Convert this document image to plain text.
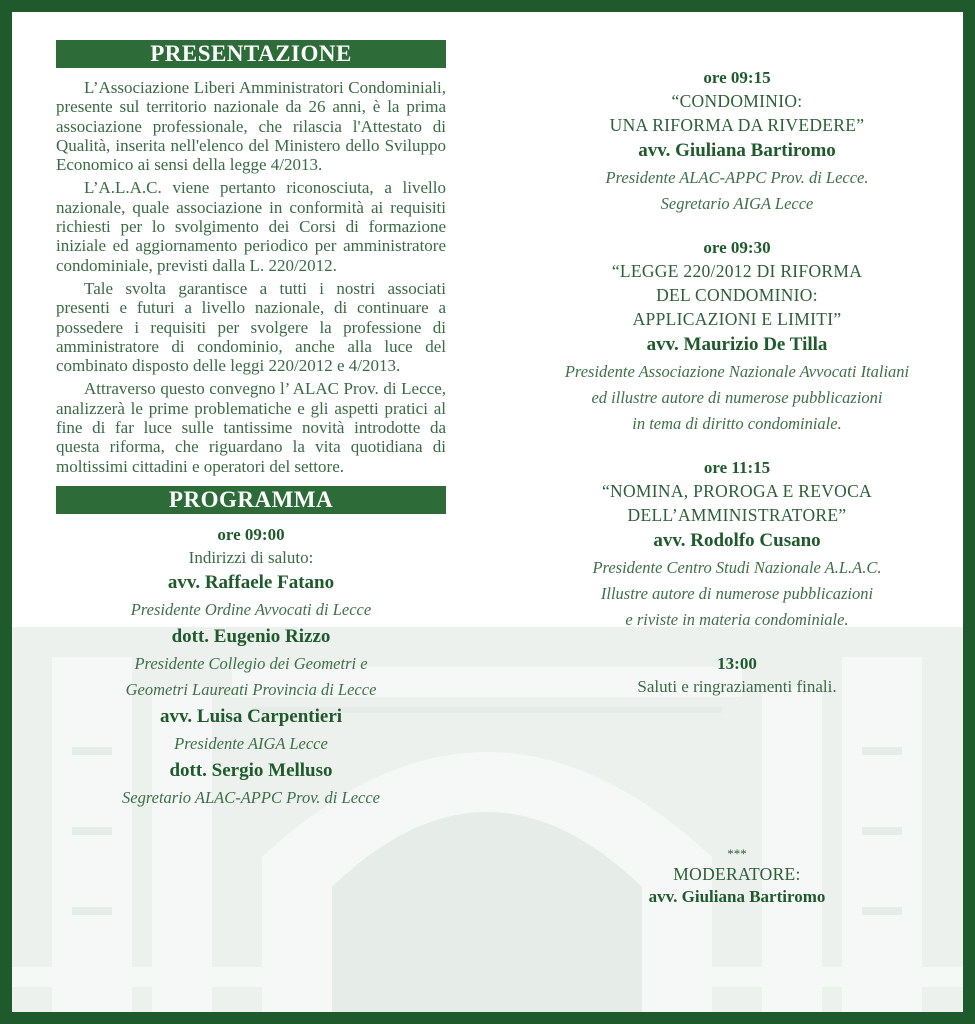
PRESENTAZIONE

L’Associazione Liberi Amministratori Condominiali, presente sul territorio nazionale da 26 anni, è la prima associazione professionale, che rilascia l'Attestato di Qualità, inserita nell'elenco del Ministero dello Sviluppo Economico ai sensi della legge 4/2013.

L’A.L.A.C. viene pertanto riconosciuta, a livello nazionale, quale associazione in conformità ai requisiti richiesti per lo svolgimento dei Corsi di formazione iniziale ed aggiornamento periodico per amministratore condominiale, previsti dalla L. 220/2012.

Tale svolta garantisce a tutti i nostri associati presenti e futuri a livello nazionale, di continuare a possedere i requisiti per svolgere la professione di amministratore di condominio, anche alla luce del combinato disposto delle leggi 220/2012 e 4/2013.

Attraverso questo convegno l’ ALAC Prov. di Lecce, analizzerà le prime problematiche e gli aspetti pratici al fine di far luce sulle tantissime novità introdotte da questa riforma, che riguardano la vita quotidiana di moltissimi cittadini e operatori del settore.

PROGRAMMA
ore 09:00
Indirizzi di saluto:
avv. Raffaele Fatano
Presidente Ordine Avvocati di Lecce
dott. Eugenio Rizzo
Presidente Collegio dei Geometri e
Geometri Laureati Provincia di Lecce
avv. Luisa Carpentieri
Presidente AIGA Lecce
dott. Sergio Melluso
Segretario ALAC-APPC Prov. di Lecce
ore 09:15
“CONDOMINIO:
UNA RIFORMA DA RIVEDERE”
avv. Giuliana Bartiromo
Presidente ALAC-APPC Prov. di Lecce.
Segretario AIGA Lecce
ore 09:30
“LEGGE 220/2012 DI RIFORMA
DEL CONDOMINIO:
APPLICAZIONI E LIMITI”
avv. Maurizio De Tilla
Presidente Associazione Nazionale Avvocati Italiani
ed illustre autore di numerose pubblicazioni
in tema di diritto condominiale.
ore 11:15
“NOMINA, PROROGA E REVOCA
DELL’AMMINISTRATORE”
avv. Rodolfo Cusano
Presidente Centro Studi Nazionale A.L.A.C.
Illustre autore di numerose pubblicazioni
e riviste in materia condominiale.
13:00
Saluti e ringraziamenti finali.
***
MODERATORE:
avv. Giuliana Bartiromo
